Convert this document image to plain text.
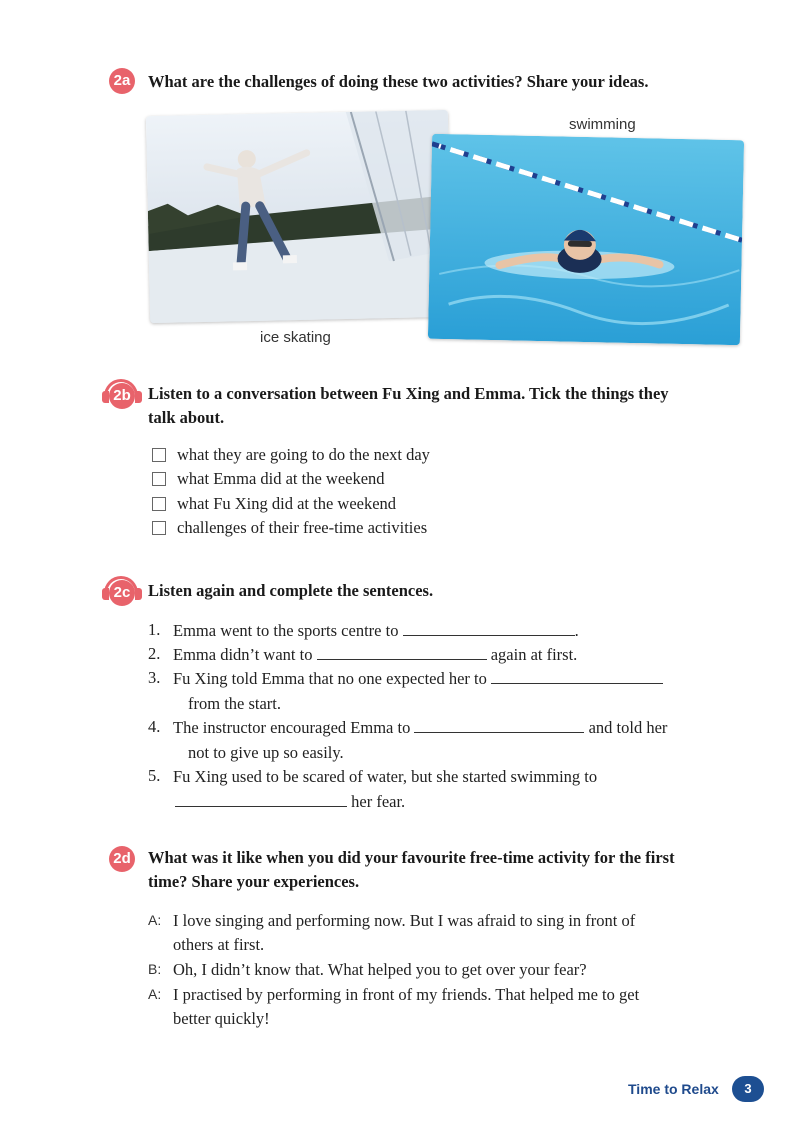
2a What are the challenges of doing these two activities? Share your ideas.
ice skating
swimming
2b Listen to a conversation between Fu Xing and Emma. Tick the things they
talk about.
what they are going to do the next day
what Emma did at the weekend
what Fu Xing did at the weekend
challenges of their free-time activities
2c Listen again and complete the sentences.
1. Emma went to the sports centre to	.
2. Emma didn’t want to	again at first.
3. Fu Xing told Emma that no one expected her to
from the start.
4. The instructor encouraged Emma to	and told her
not to give up so easily.
5. Fu Xing used to be scared of water, but she started swimming to
her fear.
2d What was it like when you did your favourite free-time activity for the first
time? Share your experiences.
A: I love singing and performing now. But I was afraid to sing in front of
others at first.
B: Oh, I didn’t know that. What helped you to get over your fear?
A: I practised by performing in front of my friends. That helped me to get
better quickly!
Time to Relax	3
